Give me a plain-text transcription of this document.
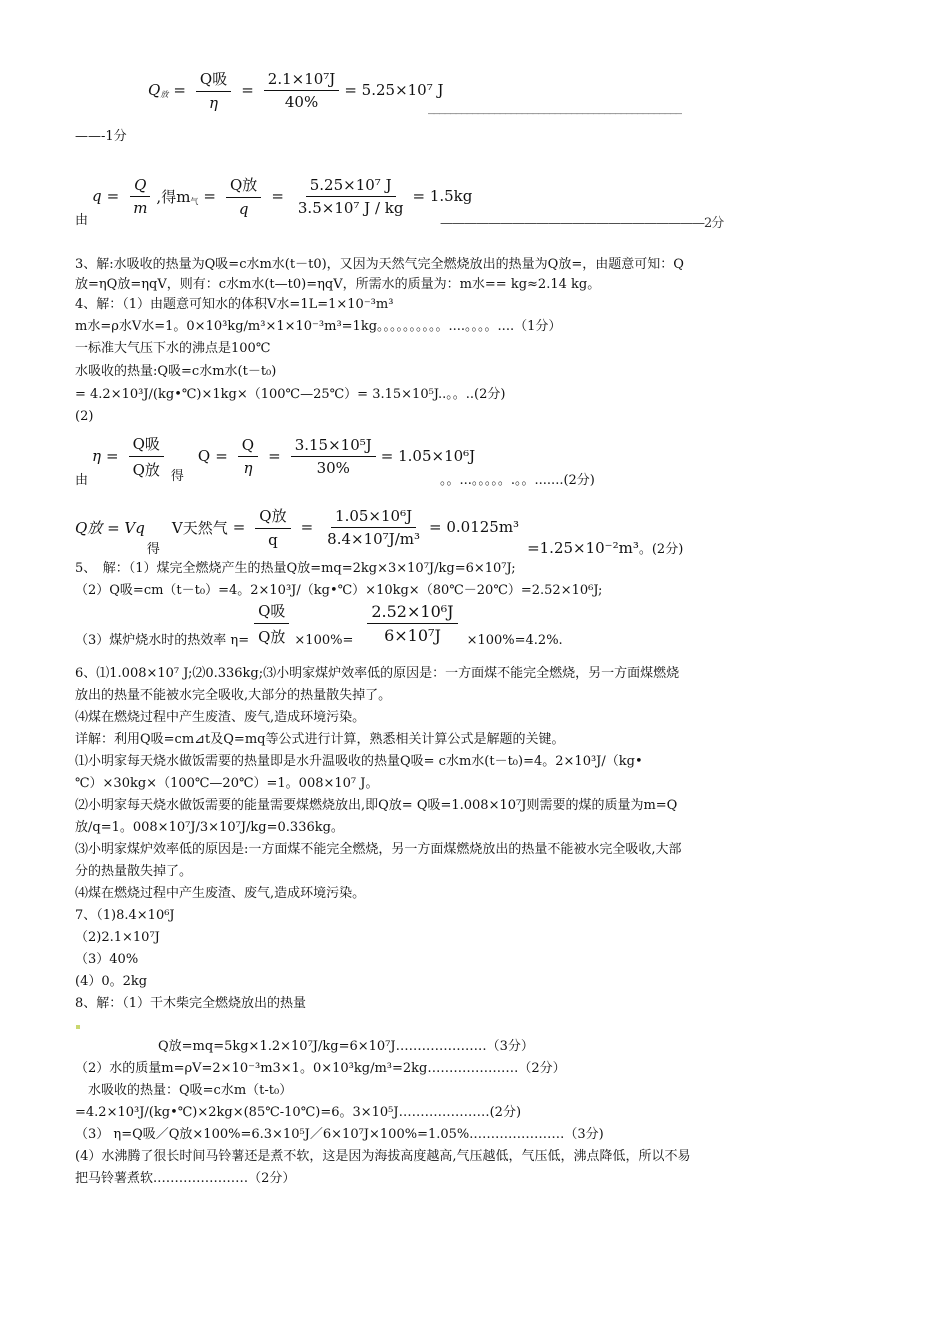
$Q_放 = \frac{\text{Q吸}}{\eta} = \frac{\text{2.1×10⁷J}}{40\%} = 5.25\times 10^7$ J
______________________________________________
——-1分
由
$q = \frac{Q}{m}$ ,得$m_气 = \frac{\text{Q放}}{q} = \frac{\text{5.25×10⁷ J}}{\text{3.5×10⁷ J / kg}} = 1.5kg$
——————————————————————2分
3、解:水吸收的热量为Q吸=c水m水(t－t0)，又因为天然气完全燃烧放出的热量为Q放=，由题意可知：Q
放=ηQ放=ηqV，则有：c水m水(t—t0)=ηqV，所需水的质量为：m水== kg≈2.14 kg。
4、解：（1）由题意可知水的体积V水=1L=1×10⁻³m³
m水=ρ水V水=1。0×10³kg/m³×1×10⁻³m³=1kg。。。。。。。。。。....。。。。....（1分）
一标准大气压下水的沸点是100℃
水吸收的热量:Q吸=c水m水(t－t₀)
= 4.2×10³J/(kg•℃)×1kg×（100℃—25℃）= 3.15×10⁵J..。。..(2分)
(2)
由
$\eta = \frac{\text{Q吸}}{\text{Q放}}$ 得
$Q = \frac{Q}{\eta} = \frac{\text{3.15×10⁵J}}{30\%} = 1.05\times 10^6J$
。。...。。。。。.。。.......(2分)
Q放 = Vq
得
V天然气 = $\frac{\text{Q放}}{q} = \frac{\text{1.05×10⁶J}}{\text{8.4×10⁷J/m³}} = 0.0125m^3$
=1.25×10⁻²m³ 。(2分)
5、　解：（1）煤完全燃烧产生的热量Q放=mq=2kg×3×10⁷J/kg=6×10⁷J;
（2）Q吸=cm（t－t₀）=4。2×10³J/（kg•℃）×10kg×（80℃－20℃）=2.52×10⁶J;
（3）煤炉烧水时的热效率 $\eta= \frac{\text{Q吸}}{\text{Q放}} \times 100\%= \frac{\text{2.52×10⁶J}}{\text{6×10⁷J}} \times 100\%=4.2\%$.
6、⑴1.008×10⁷ J;⑵0.336kg;⑶小明家煤炉效率低的原因是：一方面煤不能完全燃烧，另一方面煤燃烧
放出的热量不能被水完全吸收,大部分的热量散失掉了。
⑷煤在燃烧过程中产生废渣、废气,造成环境污染。
详解：利用Q吸=cm⊿t及Q=mq等公式进行计算，熟悉相关计算公式是解题的关键。
⑴小明家每天烧水做饭需要的热量即是水升温吸收的热量Q吸= c水m水(t－t₀)=4。2×10³J/（kg•
℃）×30kg×（100℃—20℃）=1。008×10⁷ J。
⑵小明家每天烧水做饭需要的能量需要煤燃烧放出,即Q放= Q吸=1.008×10⁷J则需要的煤的质量为m=Q
放/q=1。008×10⁷J/3×10⁷J/kg=0.336kg。
⑶小明家煤炉效率低的原因是:一方面煤不能完全燃烧，另一方面煤燃烧放出的热量不能被水完全吸收,大部
分的热量散失掉了。
⑷煤在燃烧过程中产生废渣、废气,造成环境污染。
7、（1)8.4×10⁶J
（2)2.1×10⁷J
（3）40%
(4）0。2kg
8、解：（1）干木柴完全燃烧放出的热量
Q放=mq=5kg×1.2×10⁷J/kg=6×10⁷J…………………（3分）
（2）水的质量m=ρV=2×10⁻³m3×1。0×10³kg/m³=2kg…………………（2分）
水吸收的热量：Q吸=c水m（t-t₀）
=4.2×10³J/(kg•℃)×2kg×(85℃-10℃)=6。3×10⁵J…………………(2分)
（3） η=Q吸／Q放×100%=6.3×10⁵J／6×10⁷J×100%=1.05%.…………………（3分)
(4）水沸腾了很长时间马铃薯还是煮不软，这是因为海拔高度越高,气压越低，气压低，沸点降低，所以不易
把马铃薯煮软.…………………（2分）
